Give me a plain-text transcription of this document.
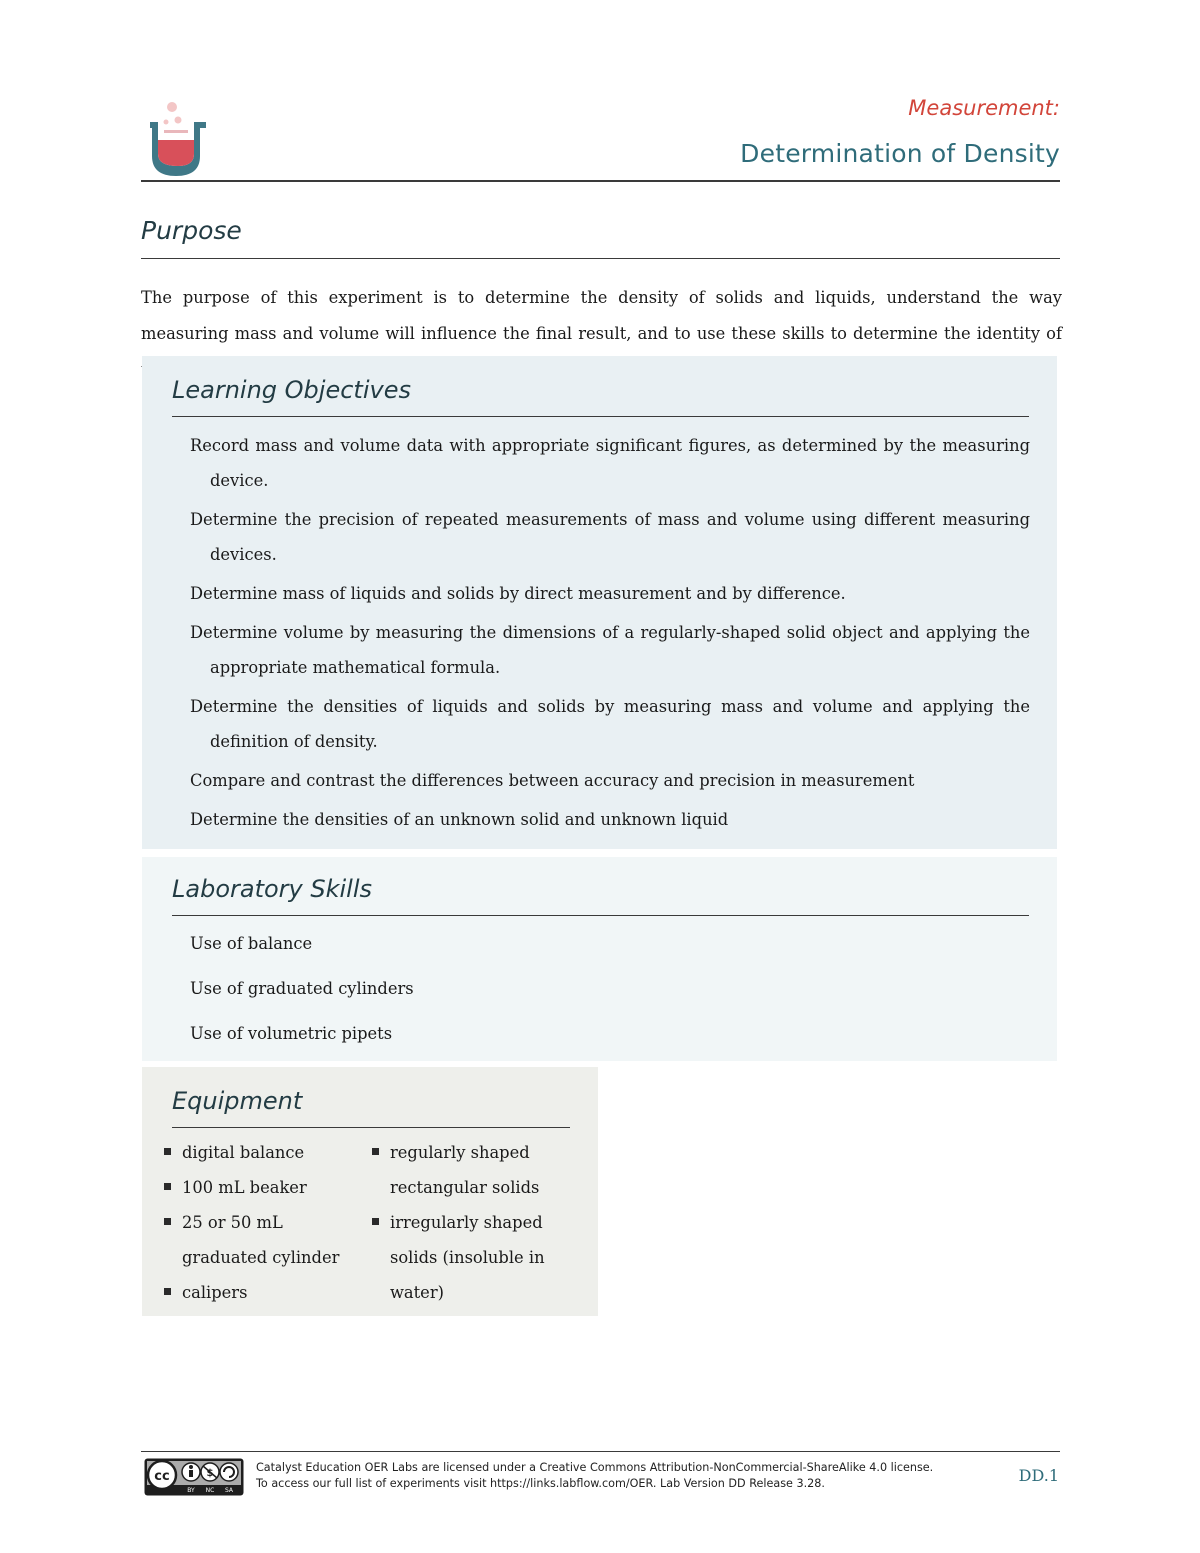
Measurement:
Determination of Density
Purpose
The purpose of this experiment is to determine the density of solids and liquids, understand the way measuring mass and volume will influence the final result, and to use these skills to determine the identity of
Learning Objectives
Record mass and volume data with appropriate significant figures, as determined by the measuring device.
Determine the precision of repeated measurements of mass and volume using different measuring devices.
Determine mass of liquids and solids by direct measurement and by difference.
Determine volume by measuring the dimensions of a regularly-shaped solid object and applying the appropriate mathematical formula.
Determine the densities of liquids and solids by measuring mass and volume and applying the definition of density.
Compare and contrast the differences between accuracy and precision in measurement
Determine the densities of an unknown solid and unknown liquid
Laboratory Skills
Use of balance
Use of graduated cylinders
Use of volumetric pipets
Equipment
digital balance
100 mL beaker
25 or 50 mL graduated cylinder
calipers
regularly shaped rectangular solids
irregularly shaped solids (insoluble in water)
cc	$
BY NC SA
Catalyst Education OER Labs are licensed under a Creative Commons Attribution-NonCommercial-ShareAlike 4.0 license.
To access our full list of experiments visit https://links.labflow.com/OER. Lab Version DD Release 3.28.	DD.1
